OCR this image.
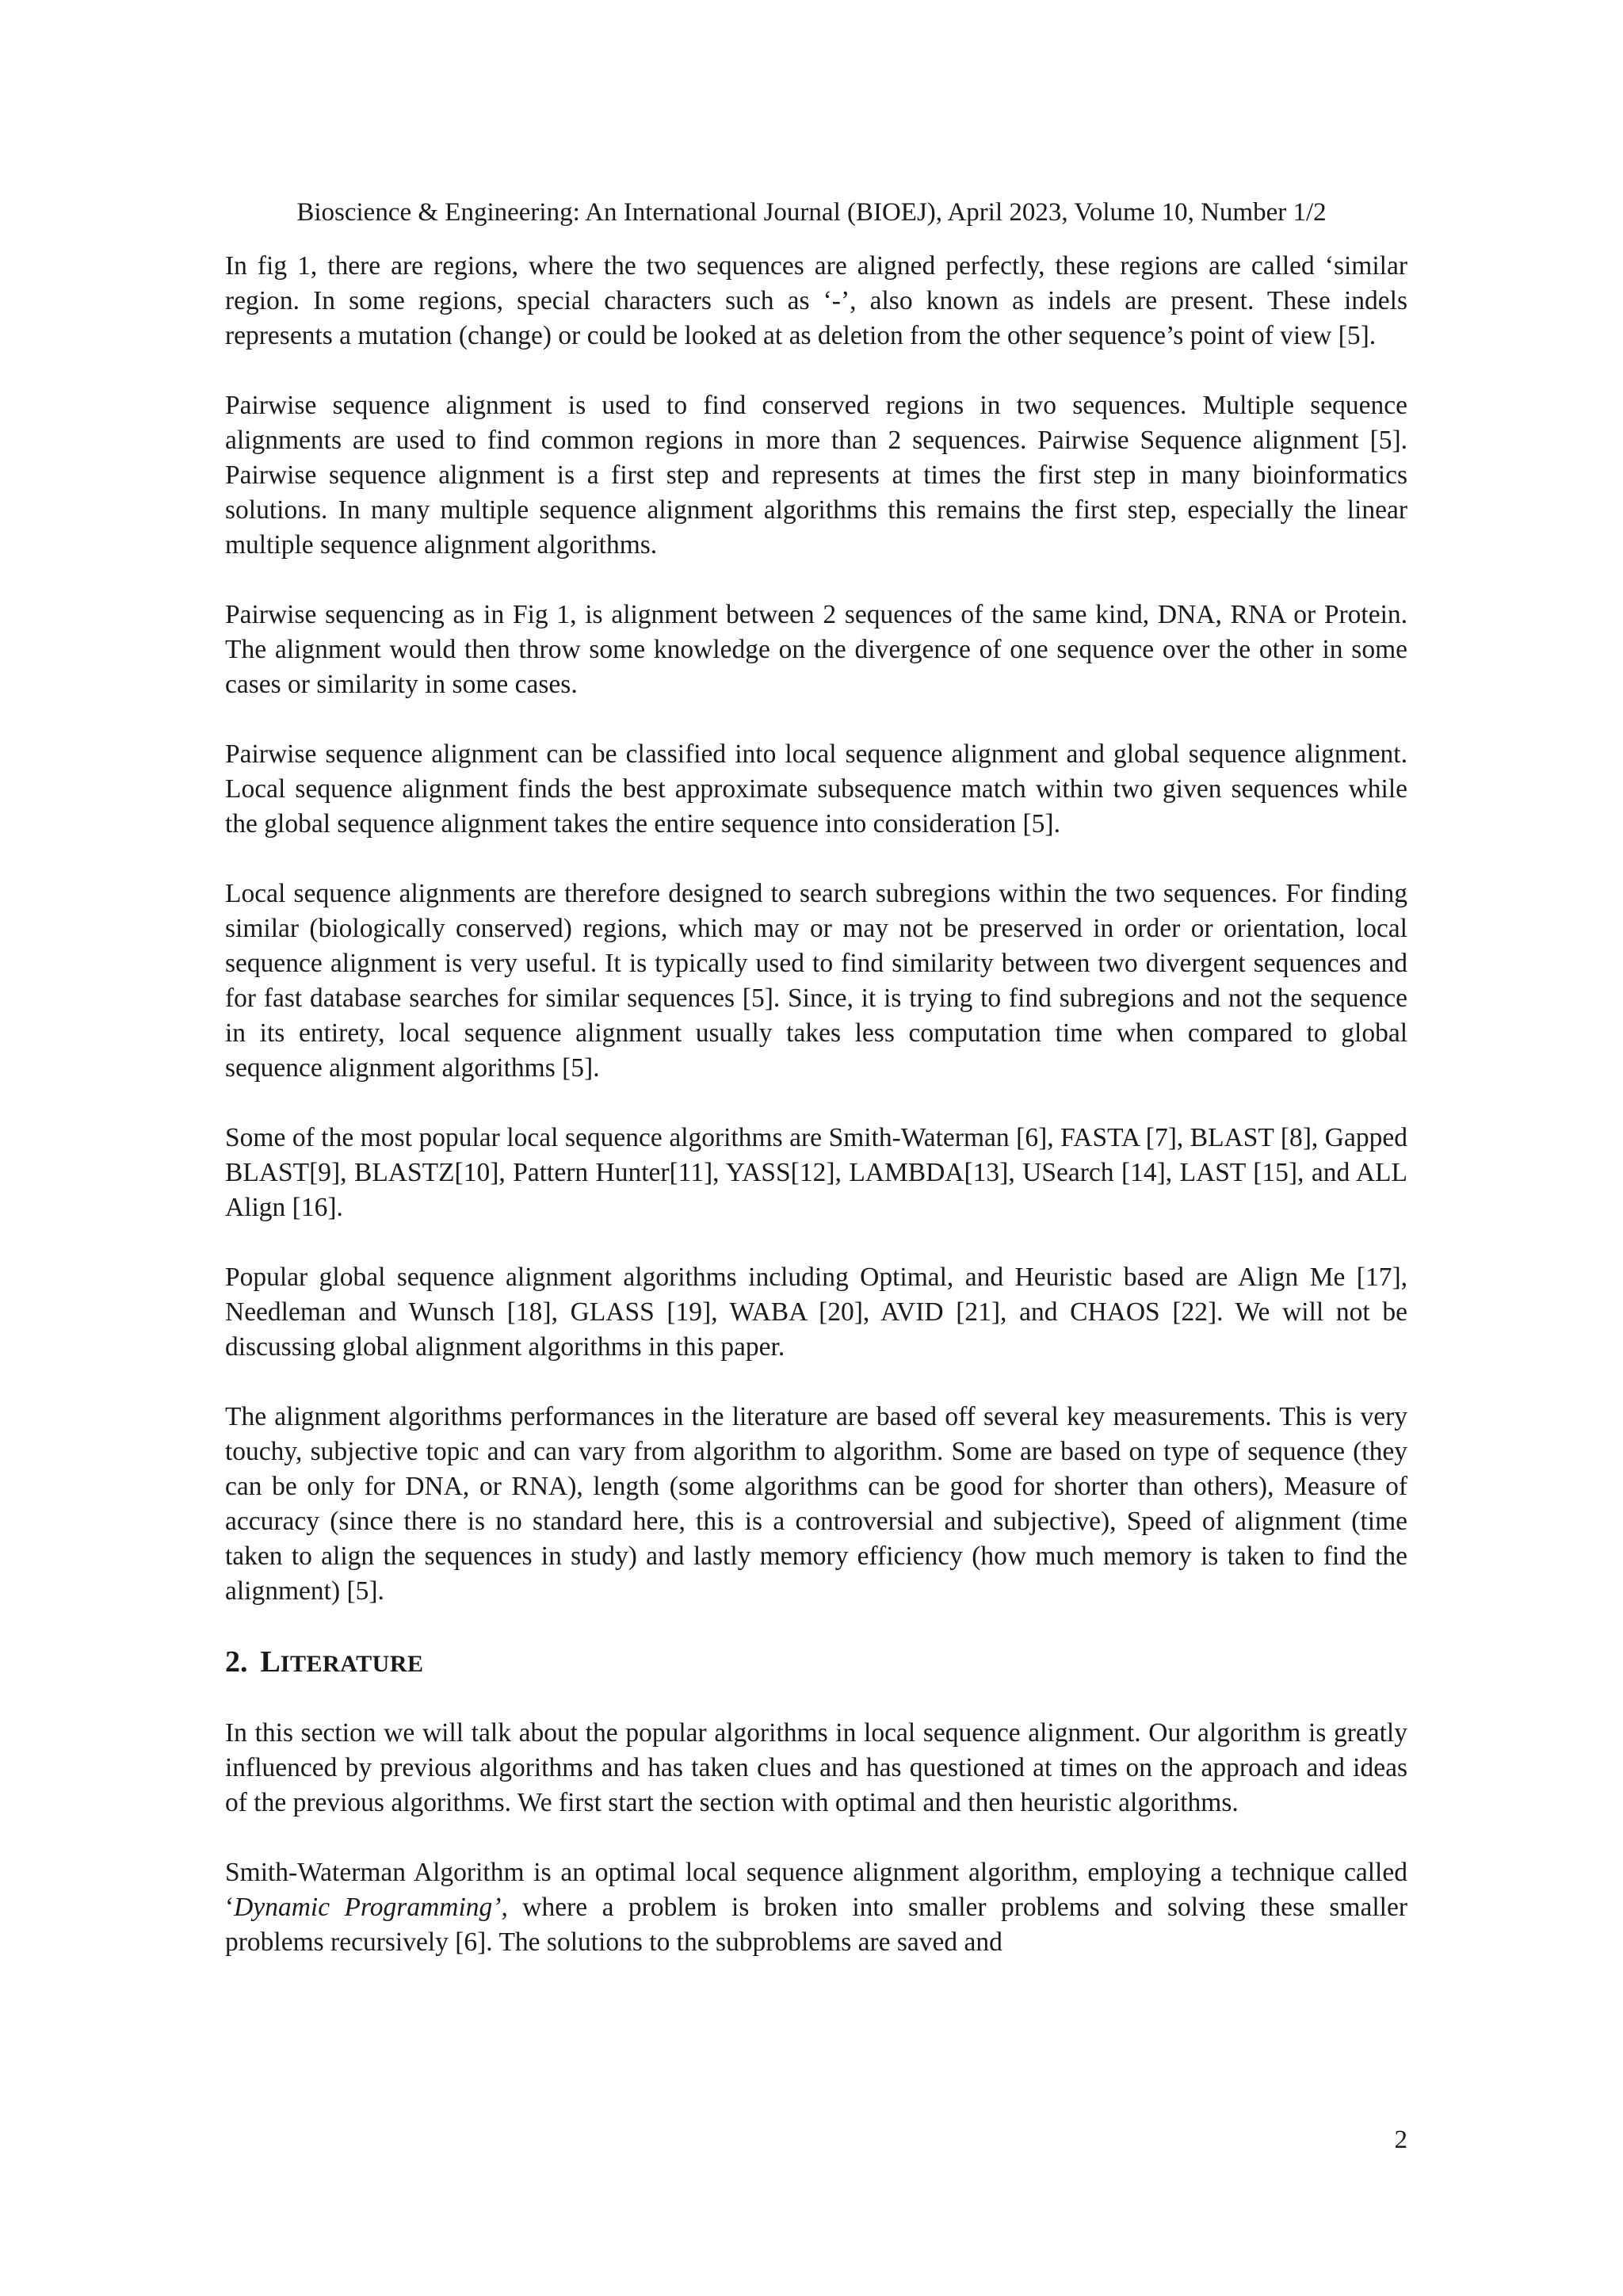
Bioscience & Engineering: An International Journal (BIOEJ), April 2023, Volume 10, Number 1/2

In fig 1, there are regions, where the two sequences are aligned perfectly, these regions are called ‘similar region. In some regions, special characters such as ‘-’, also known as indels are present. These indels represents a mutation (change) or could be looked at as deletion from the other sequence’s point of view [5].

Pairwise sequence alignment is used to find conserved regions in two sequences. Multiple sequence alignments are used to find common regions in more than 2 sequences. Pairwise Sequence alignment [5]. Pairwise sequence alignment is a first step and represents at times the first step in many bioinformatics solutions. In many multiple sequence alignment algorithms this remains the first step, especially the linear multiple sequence alignment algorithms.

Pairwise sequencing as in Fig 1, is alignment between 2 sequences of the same kind, DNA, RNA or Protein. The alignment would then throw some knowledge on the divergence of one sequence over the other in some cases or similarity in some cases.

Pairwise sequence alignment can be classified into local sequence alignment and global sequence alignment. Local sequence alignment finds the best approximate subsequence match within two given sequences while the global sequence alignment takes the entire sequence into consideration [5].

Local sequence alignments are therefore designed to search subregions within the two sequences. For finding similar (biologically conserved) regions, which may or may not be preserved in order or orientation, local sequence alignment is very useful. It is typically used to find similarity between two divergent sequences and for fast database searches for similar sequences [5]. Since, it is trying to find subregions and not the sequence in its entirety, local sequence alignment usually takes less computation time when compared to global sequence alignment algorithms [5].

Some of the most popular local sequence algorithms are Smith-Waterman [6], FASTA [7], BLAST [8], Gapped BLAST[9], BLASTZ[10], Pattern Hunter[11], YASS[12], LAMBDA[13], USearch [14], LAST [15], and ALL Align [16].

Popular global sequence alignment algorithms including Optimal, and Heuristic based are Align Me [17], Needleman and Wunsch [18], GLASS [19], WABA [20], AVID [21], and CHAOS [22]. We will not be discussing global alignment algorithms in this paper.

The alignment algorithms performances in the literature are based off several key measurements. This is very touchy, subjective topic and can vary from algorithm to algorithm. Some are based on type of sequence (they can be only for DNA, or RNA), length (some algorithms can be good for shorter than others), Measure of accuracy (since there is no standard here, this is a controversial and subjective), Speed of alignment (time taken to align the sequences in study) and lastly memory efficiency (how much memory is taken to find the alignment) [5].

2. LITERATURE

In this section we will talk about the popular algorithms in local sequence alignment. Our algorithm is greatly influenced by previous algorithms and has taken clues and has questioned at times on the approach and ideas of the previous algorithms. We first start the section with optimal and then heuristic algorithms.

Smith-Waterman Algorithm is an optimal local sequence alignment algorithm, employing a technique called ‘Dynamic Programming’, where a problem is broken into smaller problems and solving these smaller problems recursively [6]. The solutions to the subproblems are saved and

2
